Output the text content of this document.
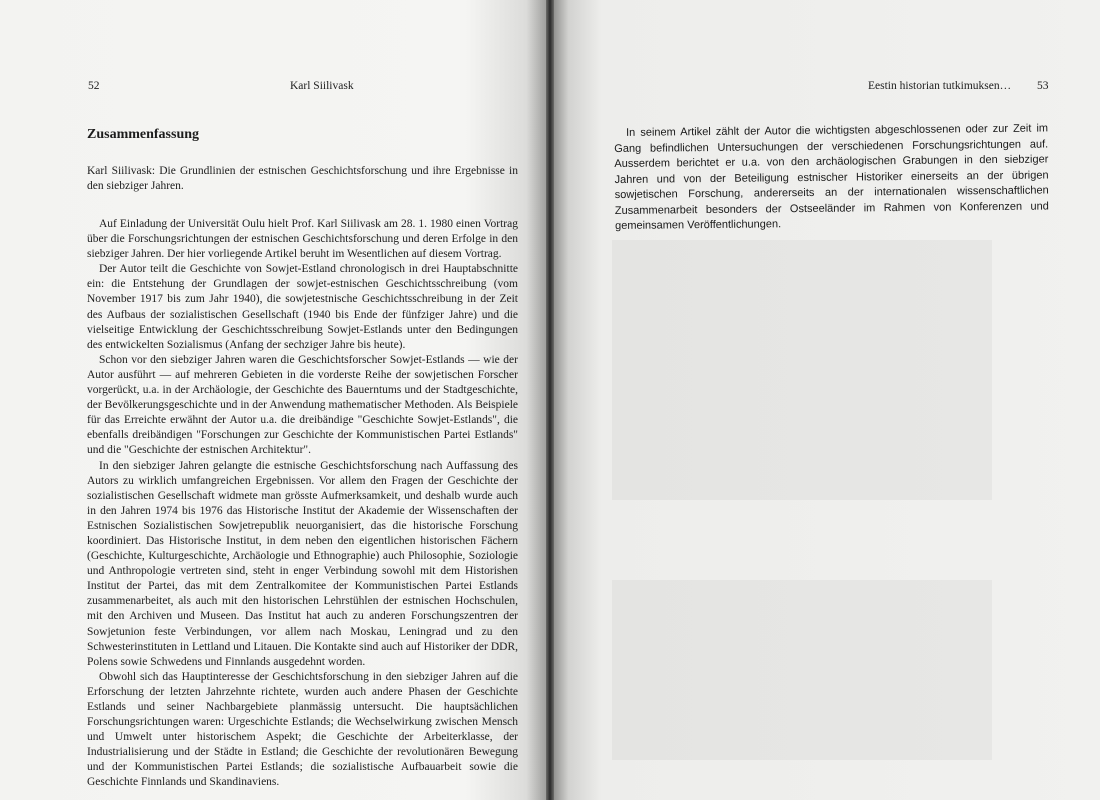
52	Karl Siilivask	Eestin historian tutkimuksen… 53
Zusammenfassung

Karl Siilivask: Die Grundlinien der estnischen Geschichtsforschung und ihre Ergebnisse in den siebziger Jahren.

Auf Einladung der Universität Oulu hielt Prof. Karl Siilivask am 28. 1. 1980 einen Vortrag über die Forschungsrichtungen der estnischen Geschichtsforschung und deren Erfolge in den siebziger Jahren. Der hier vorliegende Artikel beruht im Wesentlichen auf diesem Vortrag.

Der Autor teilt die Geschichte von Sowjet-Estland chronologisch in drei Hauptabschnitte ein: die Entstehung der Grundlagen der sowjet-estnischen Geschichtsschreibung (vom November 1917 bis zum Jahr 1940), die sowjetestnische Geschichtsschreibung in der Zeit des Aufbaus der sozialistischen Gesellschaft (1940 bis Ende der fünfziger Jahre) und die vielseitige Entwicklung der Geschichtsschreibung Sowjet-Estlands unter den Bedingungen des entwickelten Sozialismus (Anfang der sechziger Jahre bis heute).

Schon vor den siebziger Jahren waren die Geschichtsforscher Sowjet-Estlands — wie der Autor ausführt — auf mehreren Gebieten in die vorderste Reihe der sowjetischen Forscher vorgerückt, u.a. in der Archäologie, der Geschichte des Bauerntums und der Stadtgeschichte, der Bevölkerungsgeschichte und in der Anwendung mathematischer Methoden. Als Beispiele für das Erreichte erwähnt der Autor u.a. die dreibändige "Geschichte Sowjet-Estlands", die ebenfalls dreibändigen "Forschungen zur Geschichte der Kommunistischen Partei Estlands" und die "Geschichte der estnischen Architektur".

In den siebziger Jahren gelangte die estnische Geschichtsforschung nach Auffassung des Autors zu wirklich umfangreichen Ergebnissen. Vor allem den Fragen der Geschichte der sozialistischen Gesellschaft widmete man grösste Aufmerksamkeit, und deshalb wurde auch in den Jahren 1974 bis 1976 das Historische Institut der Akademie der Wissenschaften der Estnischen Sozialistischen Sowjetrepublik neuorganisiert, das die historische Forschung koordiniert. Das Historische Institut, in dem neben den eigentlichen historischen Fächern (Geschichte, Kulturgeschichte, Archäologie und Ethnographie) auch Philosophie, Soziologie und Anthropologie vertreten sind, steht in enger Verbindung sowohl mit dem Historishen Institut der Partei, das mit dem Zentralkomitee der Kommunistischen Partei Estlands zusammenarbeitet, als auch mit den historischen Lehrstühlen der estnischen Hochschulen, mit den Archiven und Museen. Das Institut hat auch zu anderen Forschungszentren der Sowjetunion feste Verbindungen, vor allem nach Moskau, Leningrad und zu den Schwesterinstituten in Lettland und Litauen. Die Kontakte sind auch auf Historiker der DDR, Polens sowie Schwedens und Finnlands ausgedehnt worden.

Obwohl sich das Hauptinteresse der Geschichtsforschung in den siebziger Jahren auf die Erforschung der letzten Jahrzehnte richtete, wurden auch andere Phasen der Geschichte Estlands und seiner Nachbargebiete planmässig untersucht. Die hauptsächlichen Forschungsrichtungen waren: Urgeschichte Estlands; die Wechselwirkung zwischen Mensch und Umwelt unter historischem Aspekt; die Geschichte der Arbeiterklasse, der Industrialisierung und der Städte in Estland; die Geschichte der revolutionären Bewegung und der Kommunistischen Partei Estlands; die sozialistische Aufbauarbeit sowie die Geschichte Finnlands und Skandinaviens.

In seinem Artikel zählt der Autor die wichtigsten abgeschlossenen oder zur Zeit im Gang befindlichen Untersuchungen der verschiedenen Forschungsrichtungen auf. Ausserdem berichtet er u.a. von den archäologischen Grabungen in den siebziger Jahren und von der Beteiligung estnischer Historiker einerseits an der übrigen sowjetischen Forschung, andererseits an der internationalen wissenschaftlichen Zusammenarbeit besonders der Ostseeländer im Rahmen von Konferenzen und gemeinsamen Veröffentlichungen.
